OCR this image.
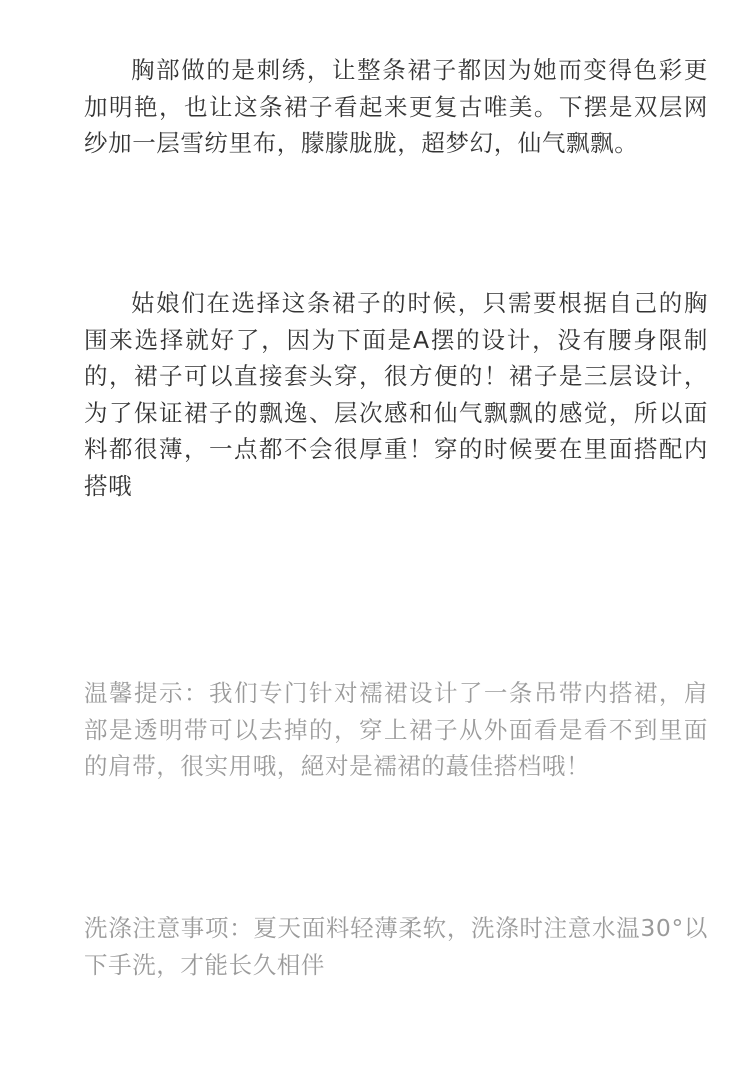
胸部做的是刺绣，让整条裙子都因为她而变得色彩更加明艳，也让这条裙子看起来更复古唯美。下摆是双层网纱加一层雪纺里布，朦朦胧胧，超梦幻，仙气飘飘。

姑娘们在选择这条裙子的时候，只需要根据自己的胸围来选择就好了，因为下面是A摆的设计，没有腰身限制的，裙子可以直接套头穿，很方便的！裙子是三层设计，为了保证裙子的飘逸、层次感和仙气飘飘的感觉，所以面料都很薄，一点都不会很厚重！穿的时候要在里面搭配内搭哦

温馨提示：我们专门针对襦裙设计了一条吊带内搭裙，肩部是透明带可以去掉的，穿上裙子从外面看是看不到里面的肩带，很实用哦，絕对是襦裙的蕞佳搭档哦！

洗涤注意事项：夏天面料轻薄柔软，洗涤时注意水温30°以下手洗，才能长久相伴
